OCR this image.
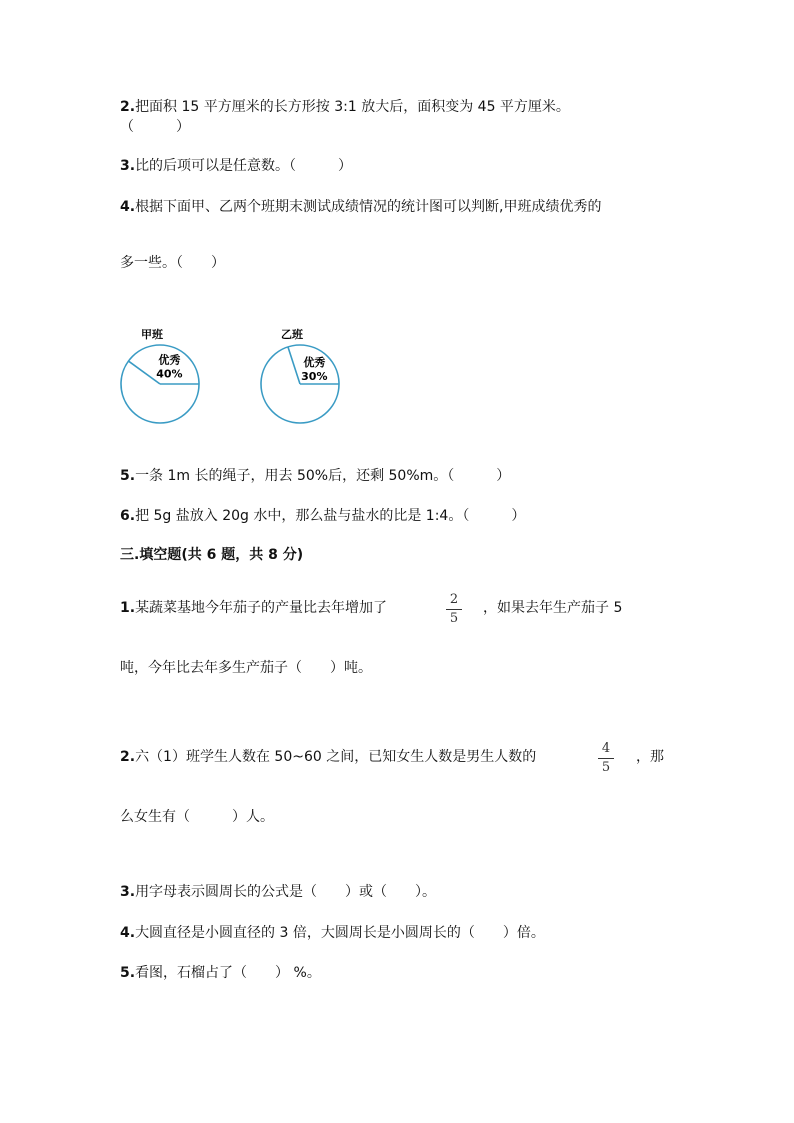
2.把面积 15 平方厘米的长方形按 3:1 放大后，面积变为 45 平方厘米。
（　　　）
3.比的后项可以是任意数。（　　　）
4.根据下面甲、乙两个班期末测试成绩情况的统计图可以判断,甲班成绩优秀的
多一些。（　　）
甲班
优秀
40%
乙班
优秀
30%
5.一条 1m 长的绳子，用去 50%后，还剩 50%m。（　　　）
6.把 5g 盐放入 20g 水中，那么盐与盐水的比是 1:4。（　　　）
三.填空题(共 6 题，共 8 分)
1.某蔬菜基地今年茄子的产量比去年增加了
2
5
，如果去年生产茄子 5
吨，今年比去年多生产茄子（　　）吨。
2.六（1）班学生人数在 50~60 之间，已知女生人数是男生人数的
4
5
，那
么女生有（　　　）人。
3.用字母表示圆周长的公式是（　　）或（　　）。
4.大圆直径是小圆直径的 3 倍，大圆周长是小圆周长的（　　）倍。
5.看图，石榴占了（　　） %。
